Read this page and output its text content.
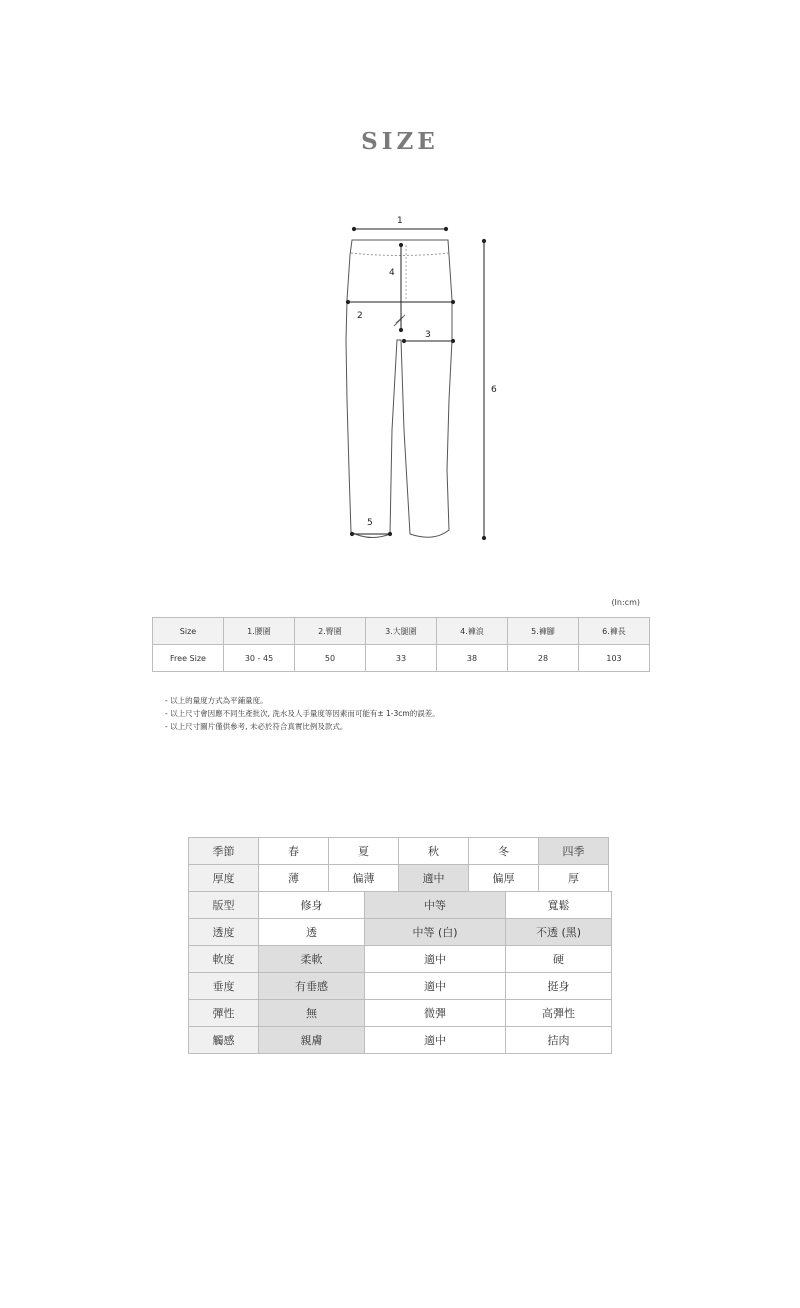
SIZE
1
2
3
4
5
6
(In:cm)
Size	1.腰圍	2.臀圍	3.大腿圍	4.褲浪	5.褲腳	6.褲長
Free Size	30 - 45	50	33	38	28	103
- 以上的量度方式為平鋪量度。
- 以上尺寸會因應不同生產批次, 洗水及人手量度等因素而可能有± 1-3cm的誤差。
- 以上尺寸圖片僅供參考, 未必於符合真實比例及款式。
季節	春	夏	秋	冬	四季
厚度	薄	偏薄	適中	偏厚	厚
版型	修身	中等	寬鬆
透度	透	中等 (白)	不透 (黑)
軟度	柔軟	適中	硬
垂度	有垂感	適中	挺身
彈性	無	微彈	高彈性
觸感	親膚	適中	拮肉
